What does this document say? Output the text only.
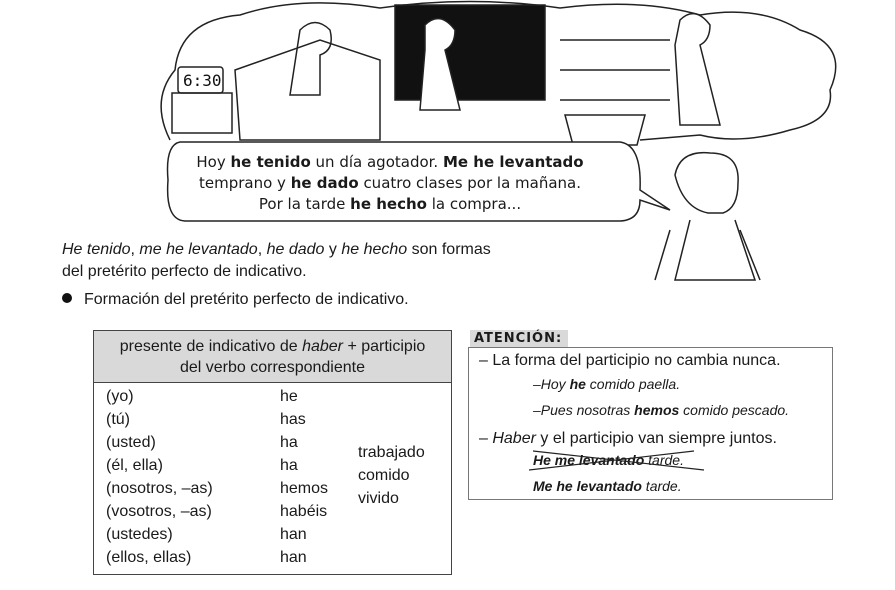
6:30
Hoy he tenido un día agotador. Me he levantado
temprano y he dado cuatro clases por la mañana.
Por la tarde he hecho la compra...
He tenido, me he levantado, he dado y he hecho son formas
del pretérito perfecto de indicativo.
Formación del pretérito perfecto de indicativo.
presente de indicativo de haber + participio
del verbo correspondiente
(yo)
(tú)
(usted)
(él, ella)
(nosotros, –as)
(vosotros, –as)
(ustedes)
(ellos, ellas)
he
has
ha
ha
hemos
habéis
han
han
trabajado
comido
vivido
ATENCIÓN:
– La forma del participio no cambia nunca.
–Hoy he comido paella.
–Pues nosotras hemos comido pescado.
– Haber y el participio van siempre juntos.
He me levantado tarde.
Me he levantado tarde.
